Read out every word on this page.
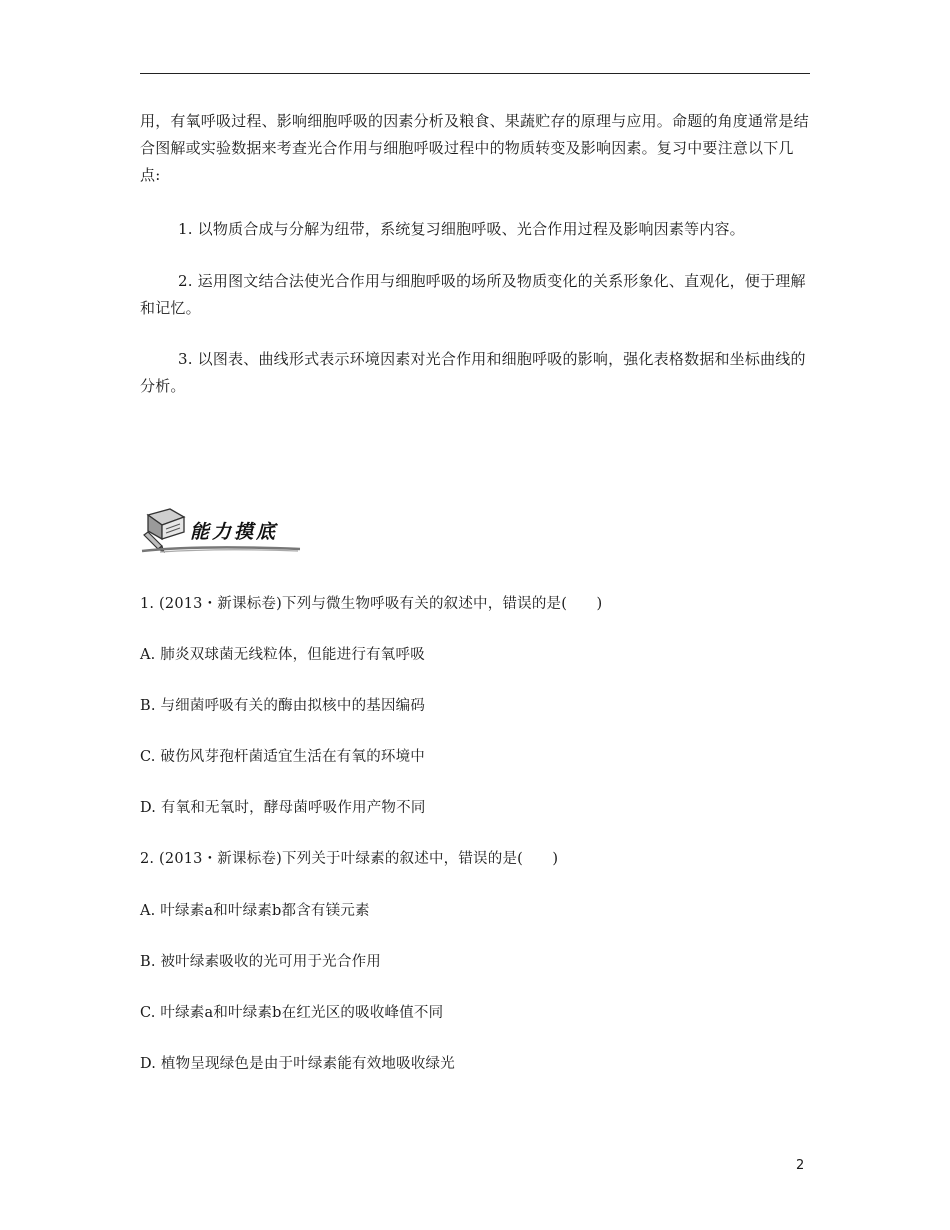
用，有氧呼吸过程、影响细胞呼吸的因素分析及粮食、果蔬贮存的原理与应用。命题的角度通常是结合图解或实验数据来考查光合作用与细胞呼吸过程中的物质转变及影响因素。复习中要注意以下几点:

1. 以物质合成与分解为纽带，系统复习细胞呼吸、光合作用过程及影响因素等内容。

2. 运用图文结合法使光合作用与细胞呼吸的场所及物质变化的关系形象化、直观化，便于理解和记忆。

3. 以图表、曲线形式表示环境因素对光合作用和细胞呼吸的影响，强化表格数据和坐标曲线的分析。

能力摸底
1. (2013・新课标卷)下列与微生物呼吸有关的叙述中，错误的是(　　)
A. 肺炎双球菌无线粒体，但能进行有氧呼吸
B. 与细菌呼吸有关的酶由拟核中的基因编码
C. 破伤风芽孢杆菌适宜生活在有氧的环境中
D. 有氧和无氧时，酵母菌呼吸作用产物不同
2. (2013・新课标卷)下列关于叶绿素的叙述中，错误的是(　　)
A. 叶绿素a和叶绿素b都含有镁元素
B. 被叶绿素吸收的光可用于光合作用
C. 叶绿素a和叶绿素b在红光区的吸收峰值不同
D. 植物呈现绿色是由于叶绿素能有效地吸收绿光
2
